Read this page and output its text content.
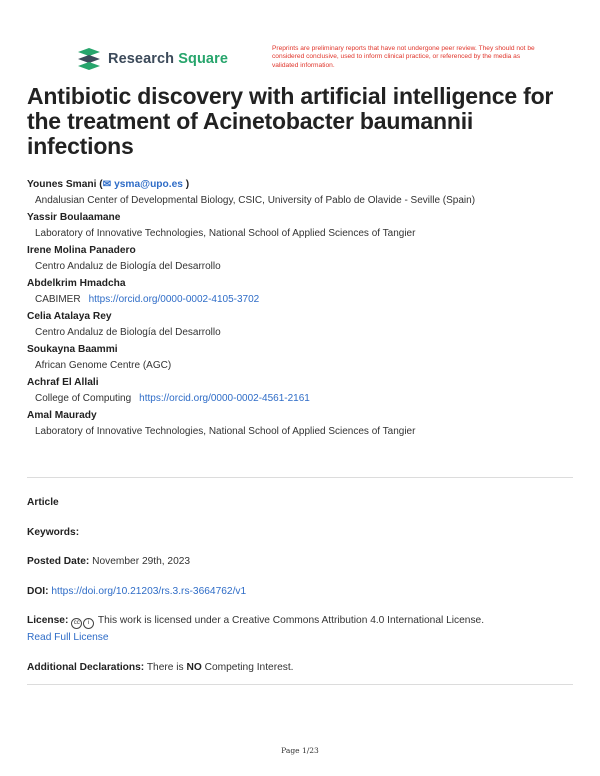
Research Square
Preprints are preliminary reports that have not undergone peer review. They should not be considered conclusive, used to inform clinical practice, or referenced by the media as validated information.
Antibiotic discovery with artificial intelligence for the treatment of Acinetobacter baumannii infections
Younes Smani (✉ ysma@upo.es )
Andalusian Center of Developmental Biology, CSIC, University of Pablo de Olavide - Seville (Spain)
Yassir Boulaamane
Laboratory of Innovative Technologies, National School of Applied Sciences of Tangier
Irene Molina Panadero
Centro Andaluz de Biología del Desarrollo
Abdelkrim Hmadcha
CABIMER https://orcid.org/0000-0002-4105-3702
Celia Atalaya Rey
Centro Andaluz de Biología del Desarrollo
Soukayna Baammi
African Genome Centre (AGC)
Achraf El Allali
College of Computing https://orcid.org/0000-0002-4561-2161
Amal Maurady
Laboratory of Innovative Technologies, National School of Applied Sciences of Tangier
Article
Keywords:
Posted Date: November 29th, 2023
DOI: https://doi.org/10.21203/rs.3.rs-3664762/v1
License: cc i This work is licensed under a Creative Commons Attribution 4.0 International License.
Read Full License
Additional Declarations: There is NO Competing Interest.
Page 1/23
